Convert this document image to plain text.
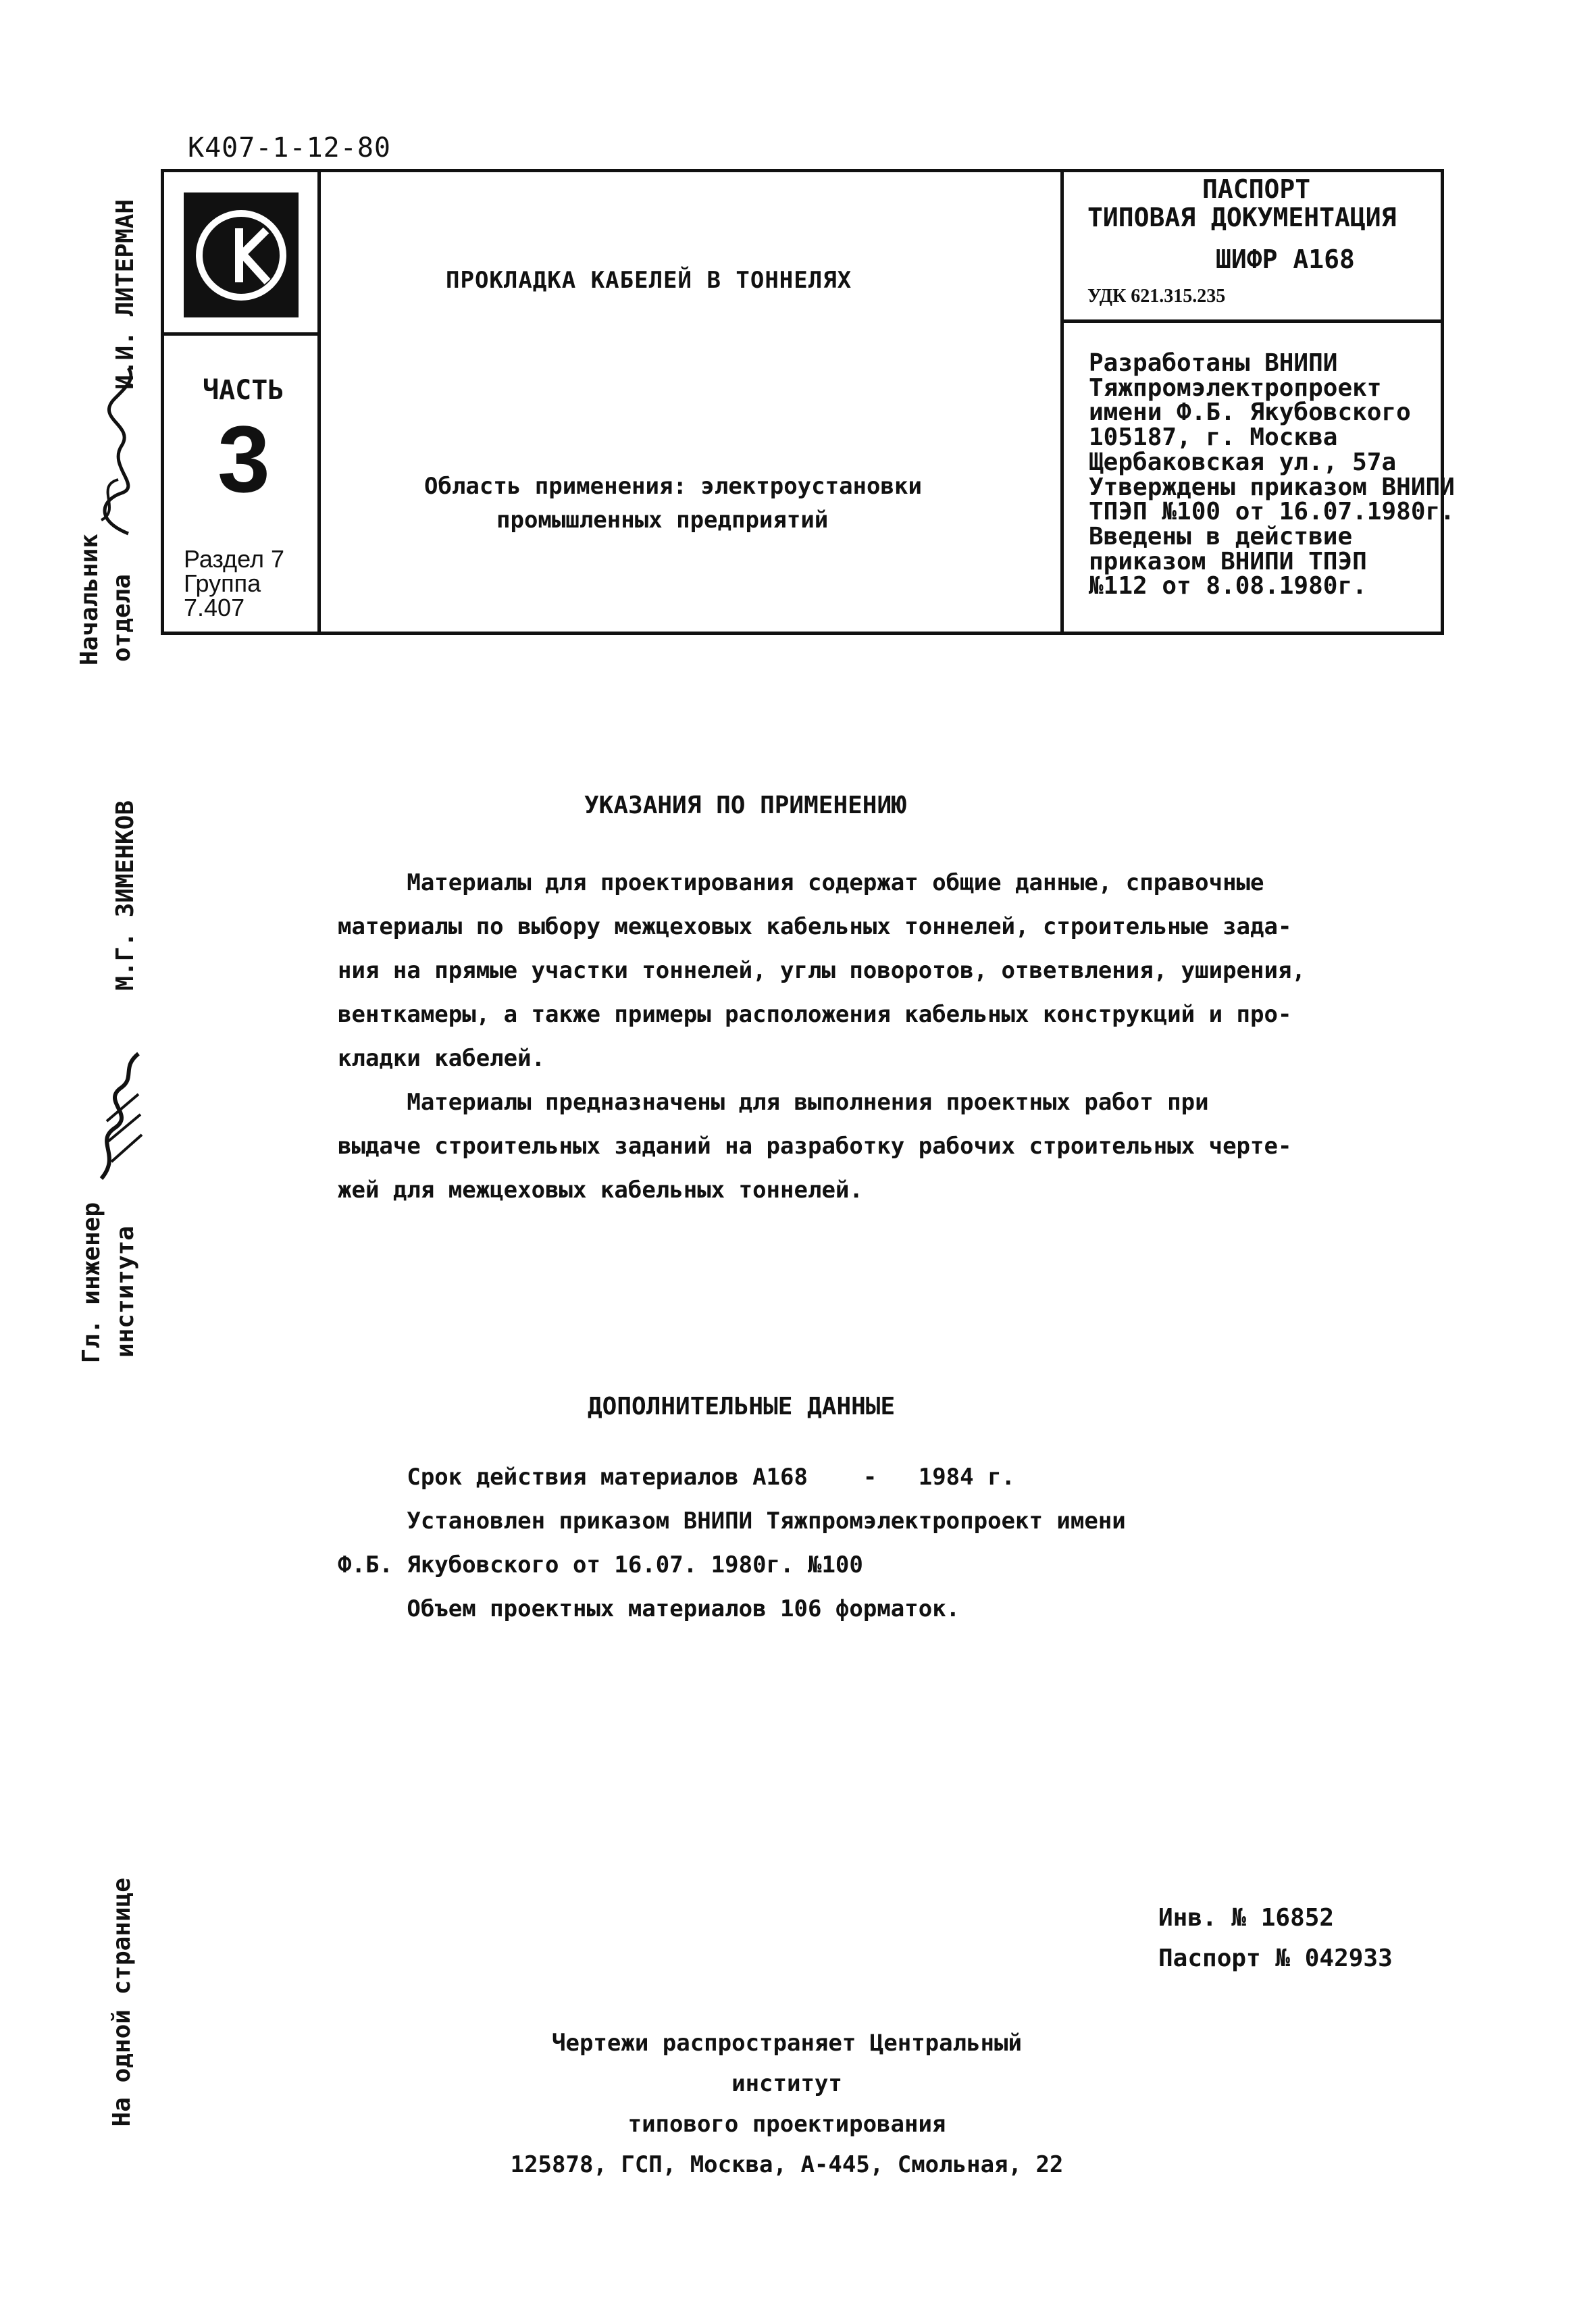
К407-1-12-80
ЧАСТЬ
3
Раздел 7
Группа
7.407
ПРОКЛАДКА КАБЕЛЕЙ В ТОННЕЛЯХ
Область применения: электроустановки
промышленных предприятий
ПАСПОРТ
ТИПОВАЯ ДОКУМЕНТАЦИЯ
ШИФР А168
УДК 621.315.235
Разработаны ВНИПИ
Тяжпромэлектропроект
имени Ф.Б. Якубовского
105187, г. Москва
Щербаковская ул., 57а
Утверждены приказом ВНИПИ
ТПЭП №100 от 16.07.1980г.
Введены в действие
приказом ВНИПИ ТПЭП
№112 от 8.08.1980г.
Начальник отдела
И.И. ЛИТЕРМАН
Гл. инженер института
М.Г. ЗИМЕНКОВ
На одной странице
УКАЗАНИЯ ПО ПРИМЕНЕНИЮ
Материалы для проектирования содержат общие данные, справочные
материалы по выбору межцеховых кабельных тоннелей, строительные зада-
ния на прямые участки тоннелей, углы поворотов, ответвления, уширения,
венткамеры, а также примеры расположения кабельных конструкций и про-
кладки кабелей.
Материалы предназначены для выполнения проектных работ при
выдаче строительных заданий на разработку рабочих строительных черте-
жей для межцеховых кабельных тоннелей.
ДОПОЛНИТЕЛЬНЫЕ ДАННЫЕ
Срок действия материалов А168    -   1984 г.
Установлен приказом ВНИПИ Тяжпромэлектропроект имени
Ф.Б. Якубовского от 16.07. 1980г. №100
Объем проектных материалов 106 форматок.
Инв. № 16852
Паспорт № 042933
Чертежи распространяет Центральный институт
типового проектирования
125878, ГСП, Москва, А-445, Смольная, 22
